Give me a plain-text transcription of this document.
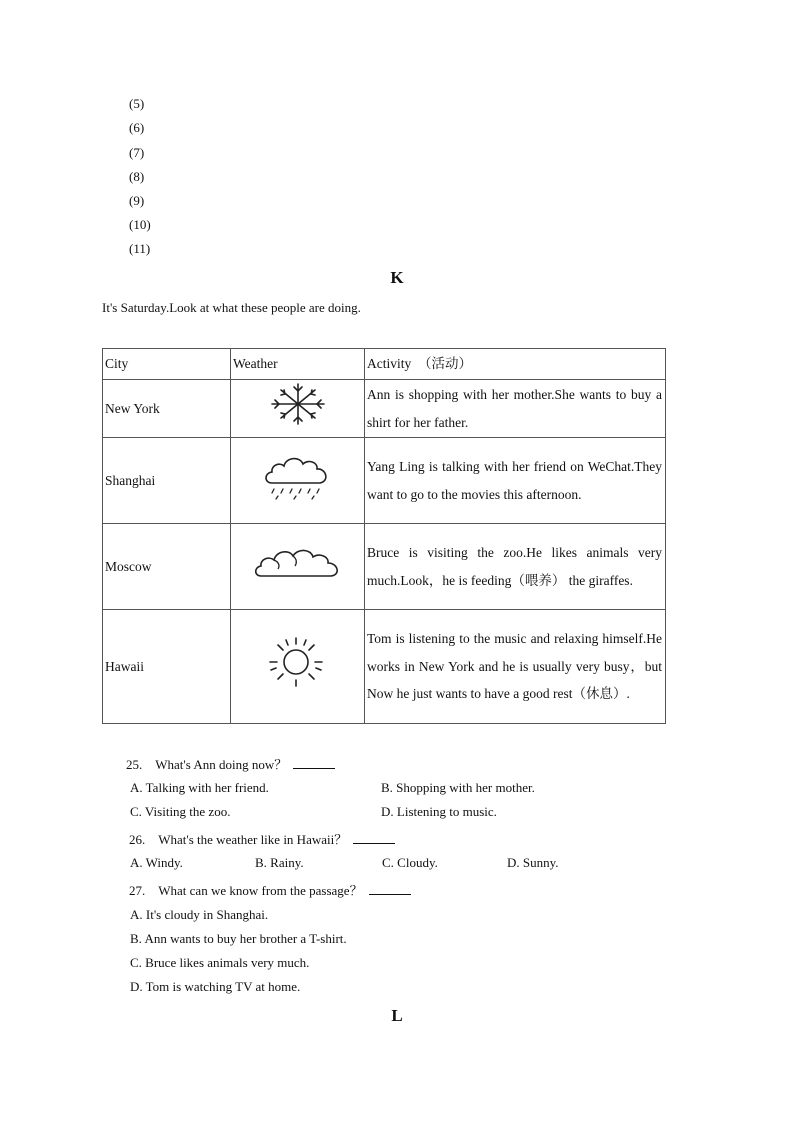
(5)
(6)
(7)
(8)
(9)
(10)
(11)
K
It's Saturday.Look at what these people are doing.
City	Weather	Activity　（活动）
New York		Ann is shopping with her mother.She wants to buy a shirt for her father.
Shanghai		Yang Ling is talking with her friend on WeChat.They want to go to the movies this afternoon.
Moscow		Bruce is visiting the zoo.He likes animals very much.Look，he is feeding（喂养） the giraffes.
Hawaii		Tom is listening to the music and relaxing himself.He works in New York and he is usually very busy，but Now he just wants to have a good rest（休息）.
25.　What's Ann doing now？
A. Talking with her friend.	B. Shopping with her mother.
C. Visiting the zoo.	D. Listening to music.
26.　What's the weather like in Hawaii？
A. Windy.	B. Rainy.	C. Cloudy.	D. Sunny.
27.　What can we know from the passage？
A. It's cloudy in Shanghai.
B. Ann wants to buy her brother a T-shirt.
C. Bruce likes animals very much.
D. Tom is watching TV at home.
L
